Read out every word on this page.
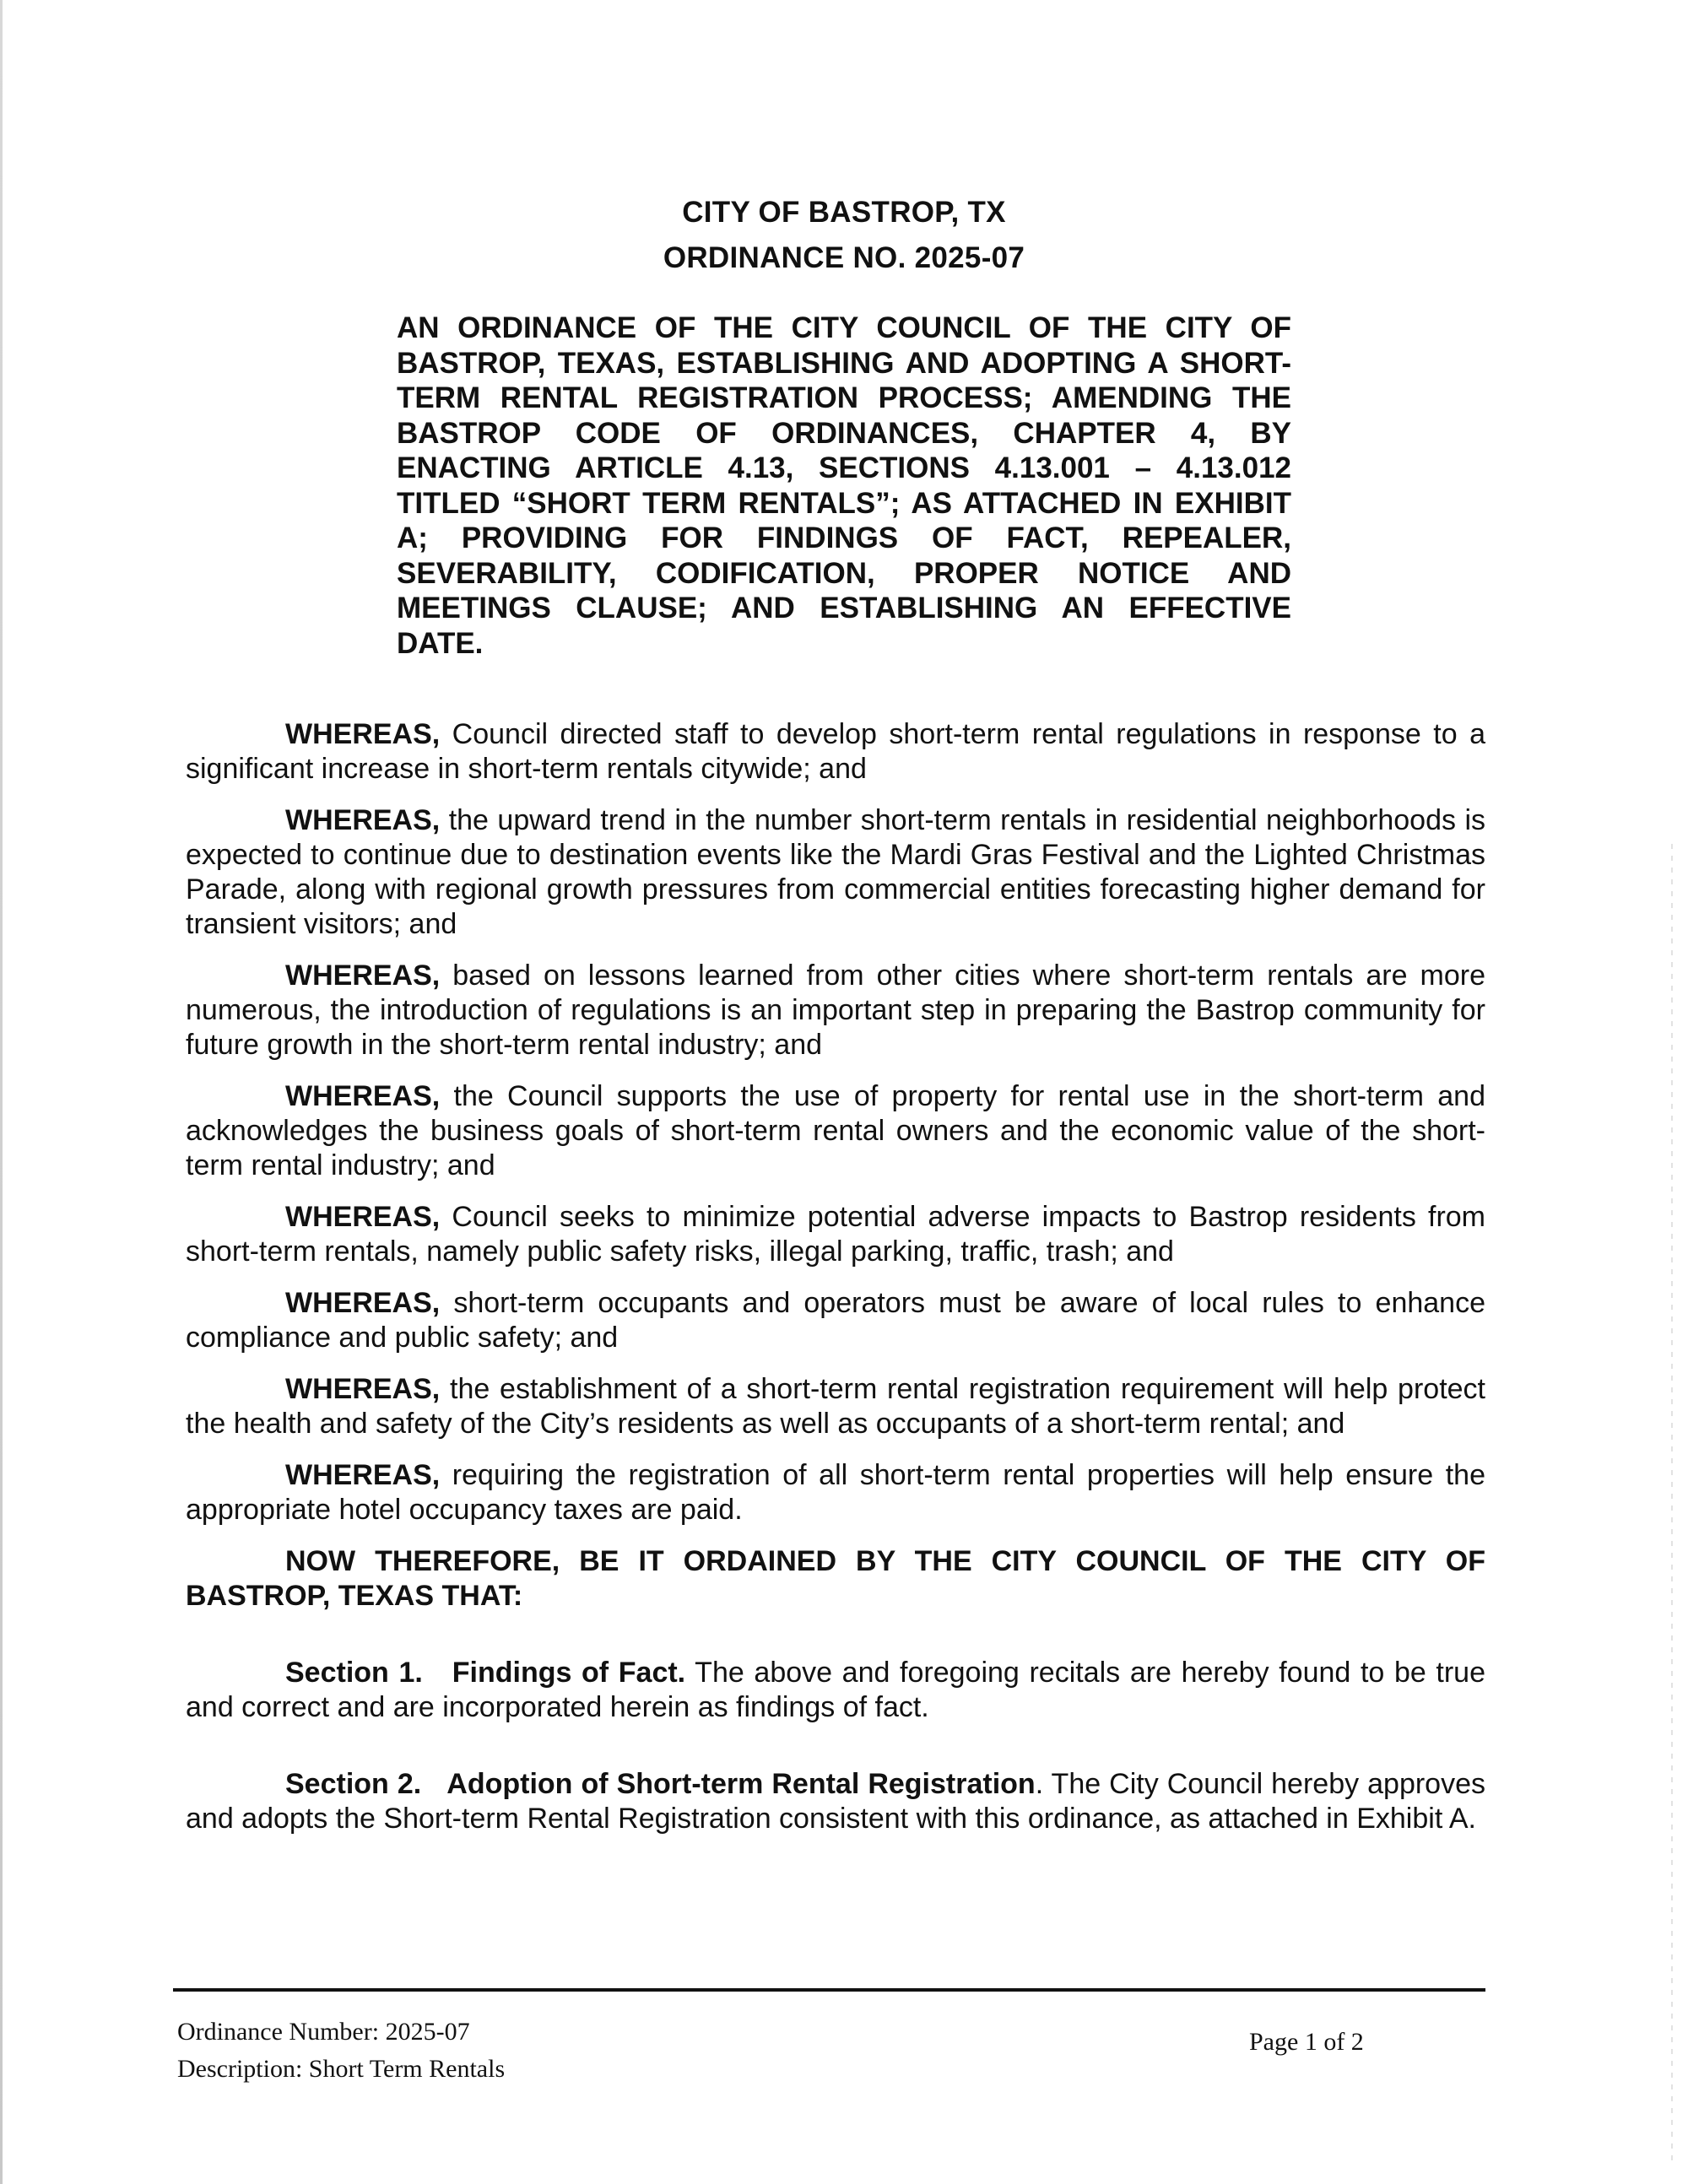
CITY OF BASTROP, TX
ORDINANCE NO. 2025-07

AN ORDINANCE OF THE CITY COUNCIL OF THE CITY OF BASTROP, TEXAS, ESTABLISHING AND ADOPTING A SHORT-TERM RENTAL REGISTRATION PROCESS; AMENDING THE BASTROP CODE OF ORDINANCES, CHAPTER 4, BY ENACTING ARTICLE 4.13, SECTIONS 4.13.001 – 4.13.012 TITLED “SHORT TERM RENTALS”; AS ATTACHED IN EXHIBIT A; PROVIDING FOR FINDINGS OF FACT, REPEALER, SEVERABILITY, CODIFICATION, PROPER NOTICE AND MEETINGS CLAUSE; AND ESTABLISHING AN EFFECTIVE DATE.

WHEREAS, Council directed staff to develop short-term rental regulations in response to a significant increase in short-term rentals citywide; and

WHEREAS, the upward trend in the number short-term rentals in residential neighborhoods is expected to continue due to destination events like the Mardi Gras Festival and the Lighted Christmas Parade, along with regional growth pressures from commercial entities forecasting higher demand for transient visitors; and

WHEREAS, based on lessons learned from other cities where short-term rentals are more numerous, the introduction of regulations is an important step in preparing the Bastrop community for future growth in the short-term rental industry; and

WHEREAS, the Council supports the use of property for rental use in the short-term and acknowledges the business goals of short-term rental owners and the economic value of the short-term rental industry; and

WHEREAS, Council seeks to minimize potential adverse impacts to Bastrop residents from short-term rentals, namely public safety risks, illegal parking, traffic, trash; and

WHEREAS, short-term occupants and operators must be aware of local rules to enhance compliance and public safety; and

WHEREAS, the establishment of a short-term rental registration requirement will help protect the health and safety of the City’s residents as well as occupants of a short-term rental; and

WHEREAS, requiring the registration of all short-term rental properties will help ensure the appropriate hotel occupancy taxes are paid.

NOW THEREFORE, BE IT ORDAINED BY THE CITY COUNCIL OF THE CITY OF BASTROP, TEXAS THAT:

Section 1. Findings of Fact. The above and foregoing recitals are hereby found to be true and correct and are incorporated herein as findings of fact.

Section 2. Adoption of Short-term Rental Registration. The City Council hereby approves and adopts the Short-term Rental Registration consistent with this ordinance, as attached in Exhibit A.

Ordinance Number: 2025-07
Description: Short Term Rentals
Page 1 of 2
